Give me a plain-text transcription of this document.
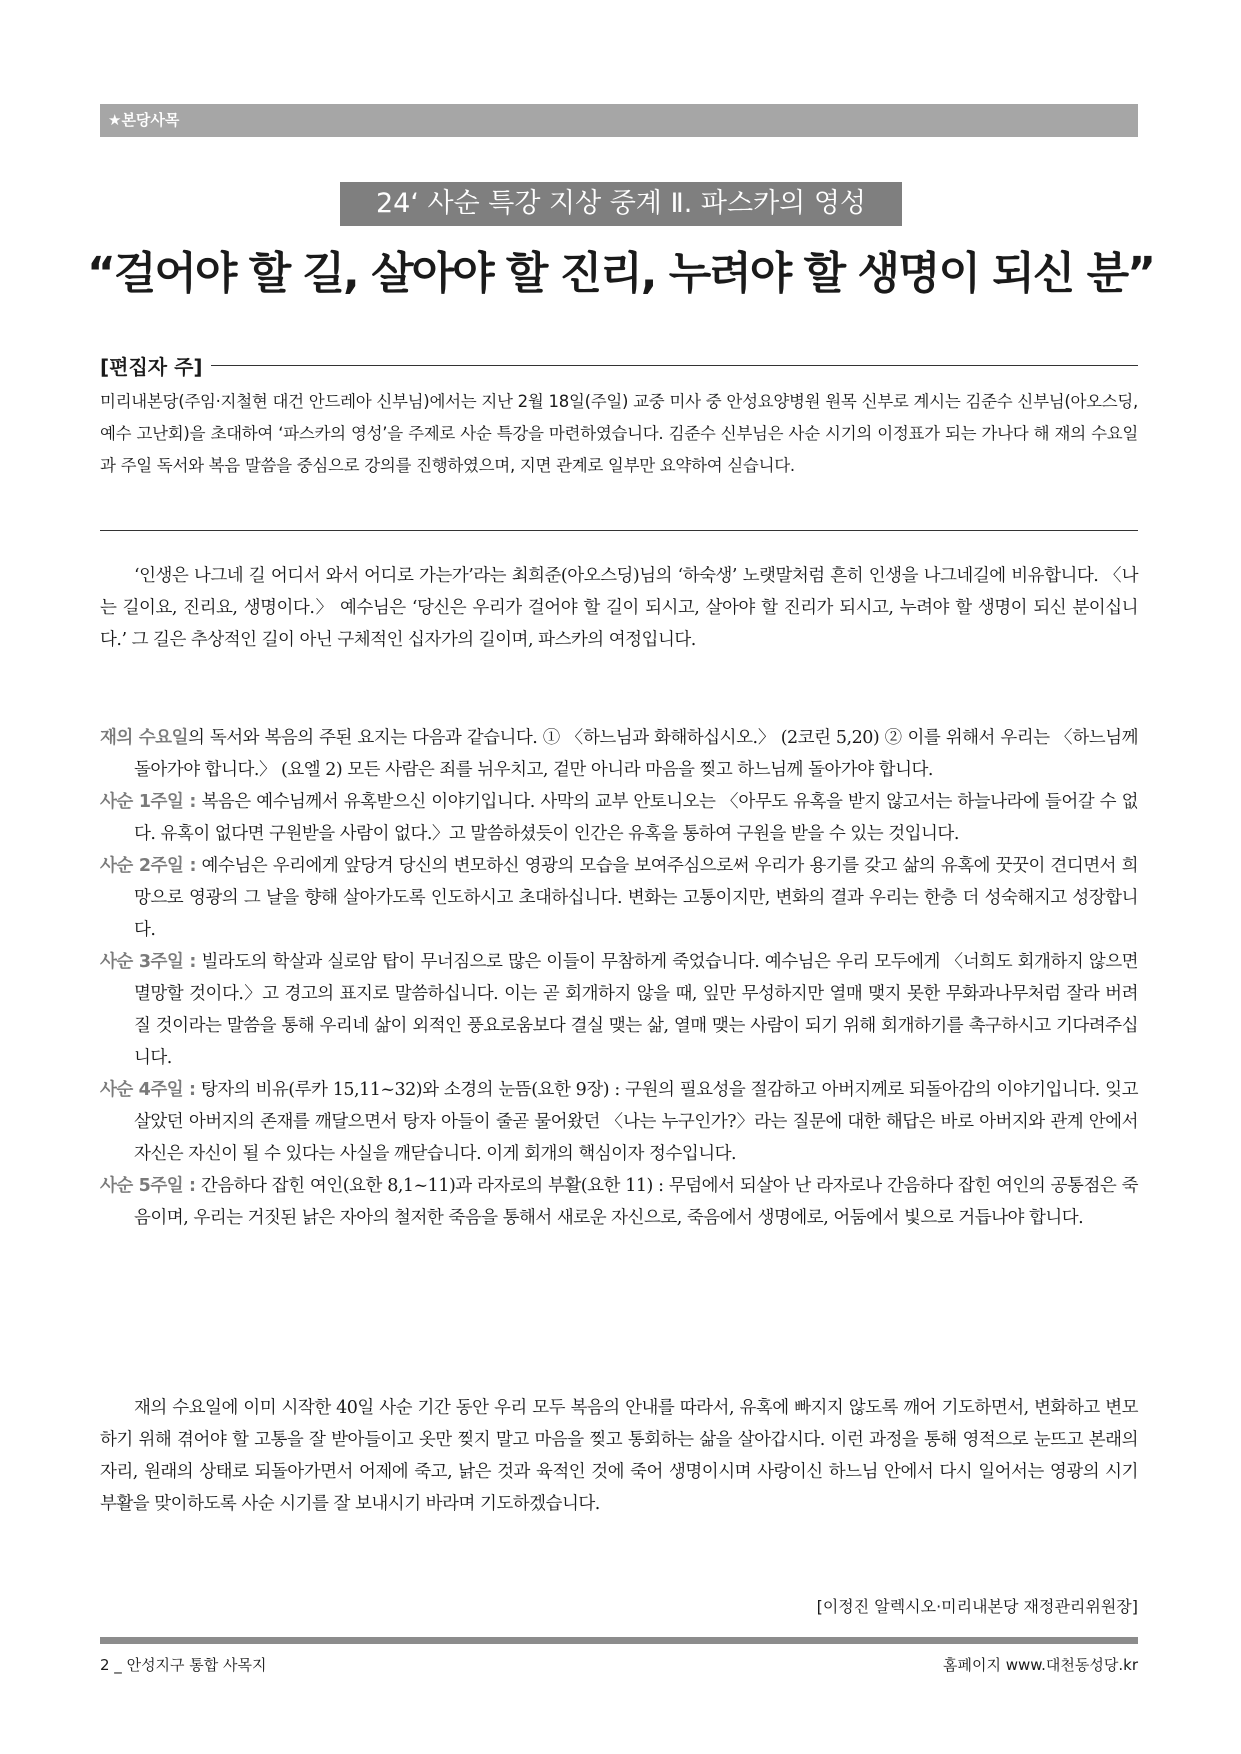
★본당사목
24‘ 사순 특강 지상 중계 Ⅱ. 파스카의 영성
“걸어야 할 길, 살아야 할 진리, 누려야 할 생명이 되신 분”
[편집자 주]
미리내본당(주임·지철현 대건 안드레아 신부님)에서는 지난 2월 18일(주일) 교중 미사 중 안성요양병원 원목 신부로 계시는 김준수 신부님(아오스딩, 예수 고난회)을 초대하여 ‘파스카의 영성’을 주제로 사순 특강을 마련하였습니다. 김준수 신부님은 사순 시기의 이정표가 되는 가나다 해 재의 수요일과 주일 독서와 복음 말씀을 중심으로 강의를 진행하였으며, 지면 관계로 일부만 요약하여 싣습니다.
‘인생은 나그네 길 어디서 와서 어디로 가는가’라는 최희준(아오스딩)님의 ‘하숙생’ 노랫말처럼 흔히 인생을 나그네길에 비유합니다. 〈나는 길이요, 진리요, 생명이다.〉 예수님은 ‘당신은 우리가 걸어야 할 길이 되시고, 살아야 할 진리가 되시고, 누려야 할 생명이 되신 분이십니다.’ 그 길은 추상적인 길이 아닌 구체적인 십자가의 길이며, 파스카의 여정입니다.

재의 수요일의 독서와 복음의 주된 요지는 다음과 같습니다. ① 〈하느님과 화해하십시오.〉 (2코린 5,20) ② 이를 위해서 우리는 〈하느님께 돌아가야 합니다.〉 (요엘 2) 모든 사람은 죄를 뉘우치고, 겉만 아니라 마음을 찢고 하느님께 돌아가야 합니다.

사순 1주일 : 복음은 예수님께서 유혹받으신 이야기입니다. 사막의 교부 안토니오는 〈아무도 유혹을 받지 않고서는 하늘나라에 들어갈 수 없다. 유혹이 없다면 구원받을 사람이 없다.〉고 말씀하셨듯이 인간은 유혹을 통하여 구원을 받을 수 있는 것입니다.

사순 2주일 : 예수님은 우리에게 앞당겨 당신의 변모하신 영광의 모습을 보여주심으로써 우리가 용기를 갖고 삶의 유혹에 꿋꿋이 견디면서 희망으로 영광의 그 날을 향해 살아가도록 인도하시고 초대하십니다. 변화는 고통이지만, 변화의 결과 우리는 한층 더 성숙해지고 성장합니다.

사순 3주일 : 빌라도의 학살과 실로암 탑이 무너짐으로 많은 이들이 무참하게 죽었습니다. 예수님은 우리 모두에게 〈너희도 회개하지 않으면 멸망할 것이다.〉고 경고의 표지로 말씀하십니다. 이는 곧 회개하지 않을 때, 잎만 무성하지만 열매 맺지 못한 무화과나무처럼 잘라 버려질 것이라는 말씀을 통해 우리네 삶이 외적인 풍요로움보다 결실 맺는 삶, 열매 맺는 사람이 되기 위해 회개하기를 촉구하시고 기다려주십니다.

사순 4주일 : 탕자의 비유(루카 15,11~32)와 소경의 눈뜸(요한 9장) : 구원의 필요성을 절감하고 아버지께로 되돌아감의 이야기입니다. 잊고 살았던 아버지의 존재를 깨달으면서 탕자 아들이 줄곧 물어왔던 〈나는 누구인가?〉라는 질문에 대한 해답은 바로 아버지와 관계 안에서 자신은 자신이 될 수 있다는 사실을 깨닫습니다. 이게 회개의 핵심이자 정수입니다.

사순 5주일 : 간음하다 잡힌 여인(요한 8,1~11)과 라자로의 부활(요한 11) : 무덤에서 되살아 난 라자로나 간음하다 잡힌 여인의 공통점은 죽음이며, 우리는 거짓된 낡은 자아의 철저한 죽음을 통해서 새로운 자신으로, 죽음에서 생명에로, 어둠에서 빛으로 거듭나야 합니다.

재의 수요일에 이미 시작한 40일 사순 기간 동안 우리 모두 복음의 안내를 따라서, 유혹에 빠지지 않도록 깨어 기도하면서, 변화하고 변모하기 위해 겪어야 할 고통을 잘 받아들이고 옷만 찢지 말고 마음을 찢고 통회하는 삶을 살아갑시다. 이런 과정을 통해 영적으로 눈뜨고 본래의 자리, 원래의 상태로 되돌아가면서 어제에 죽고, 낡은 것과 육적인 것에 죽어 생명이시며 사랑이신 하느님 안에서 다시 일어서는 영광의 시기 부활을 맞이하도록 사순 시기를 잘 보내시기 바라며 기도하겠습니다.
[이정진 알렉시오·미리내본당 재정관리위원장]
2 _ 안성지구 통합 사목지	홈페이지 www.대천동성당.kr
